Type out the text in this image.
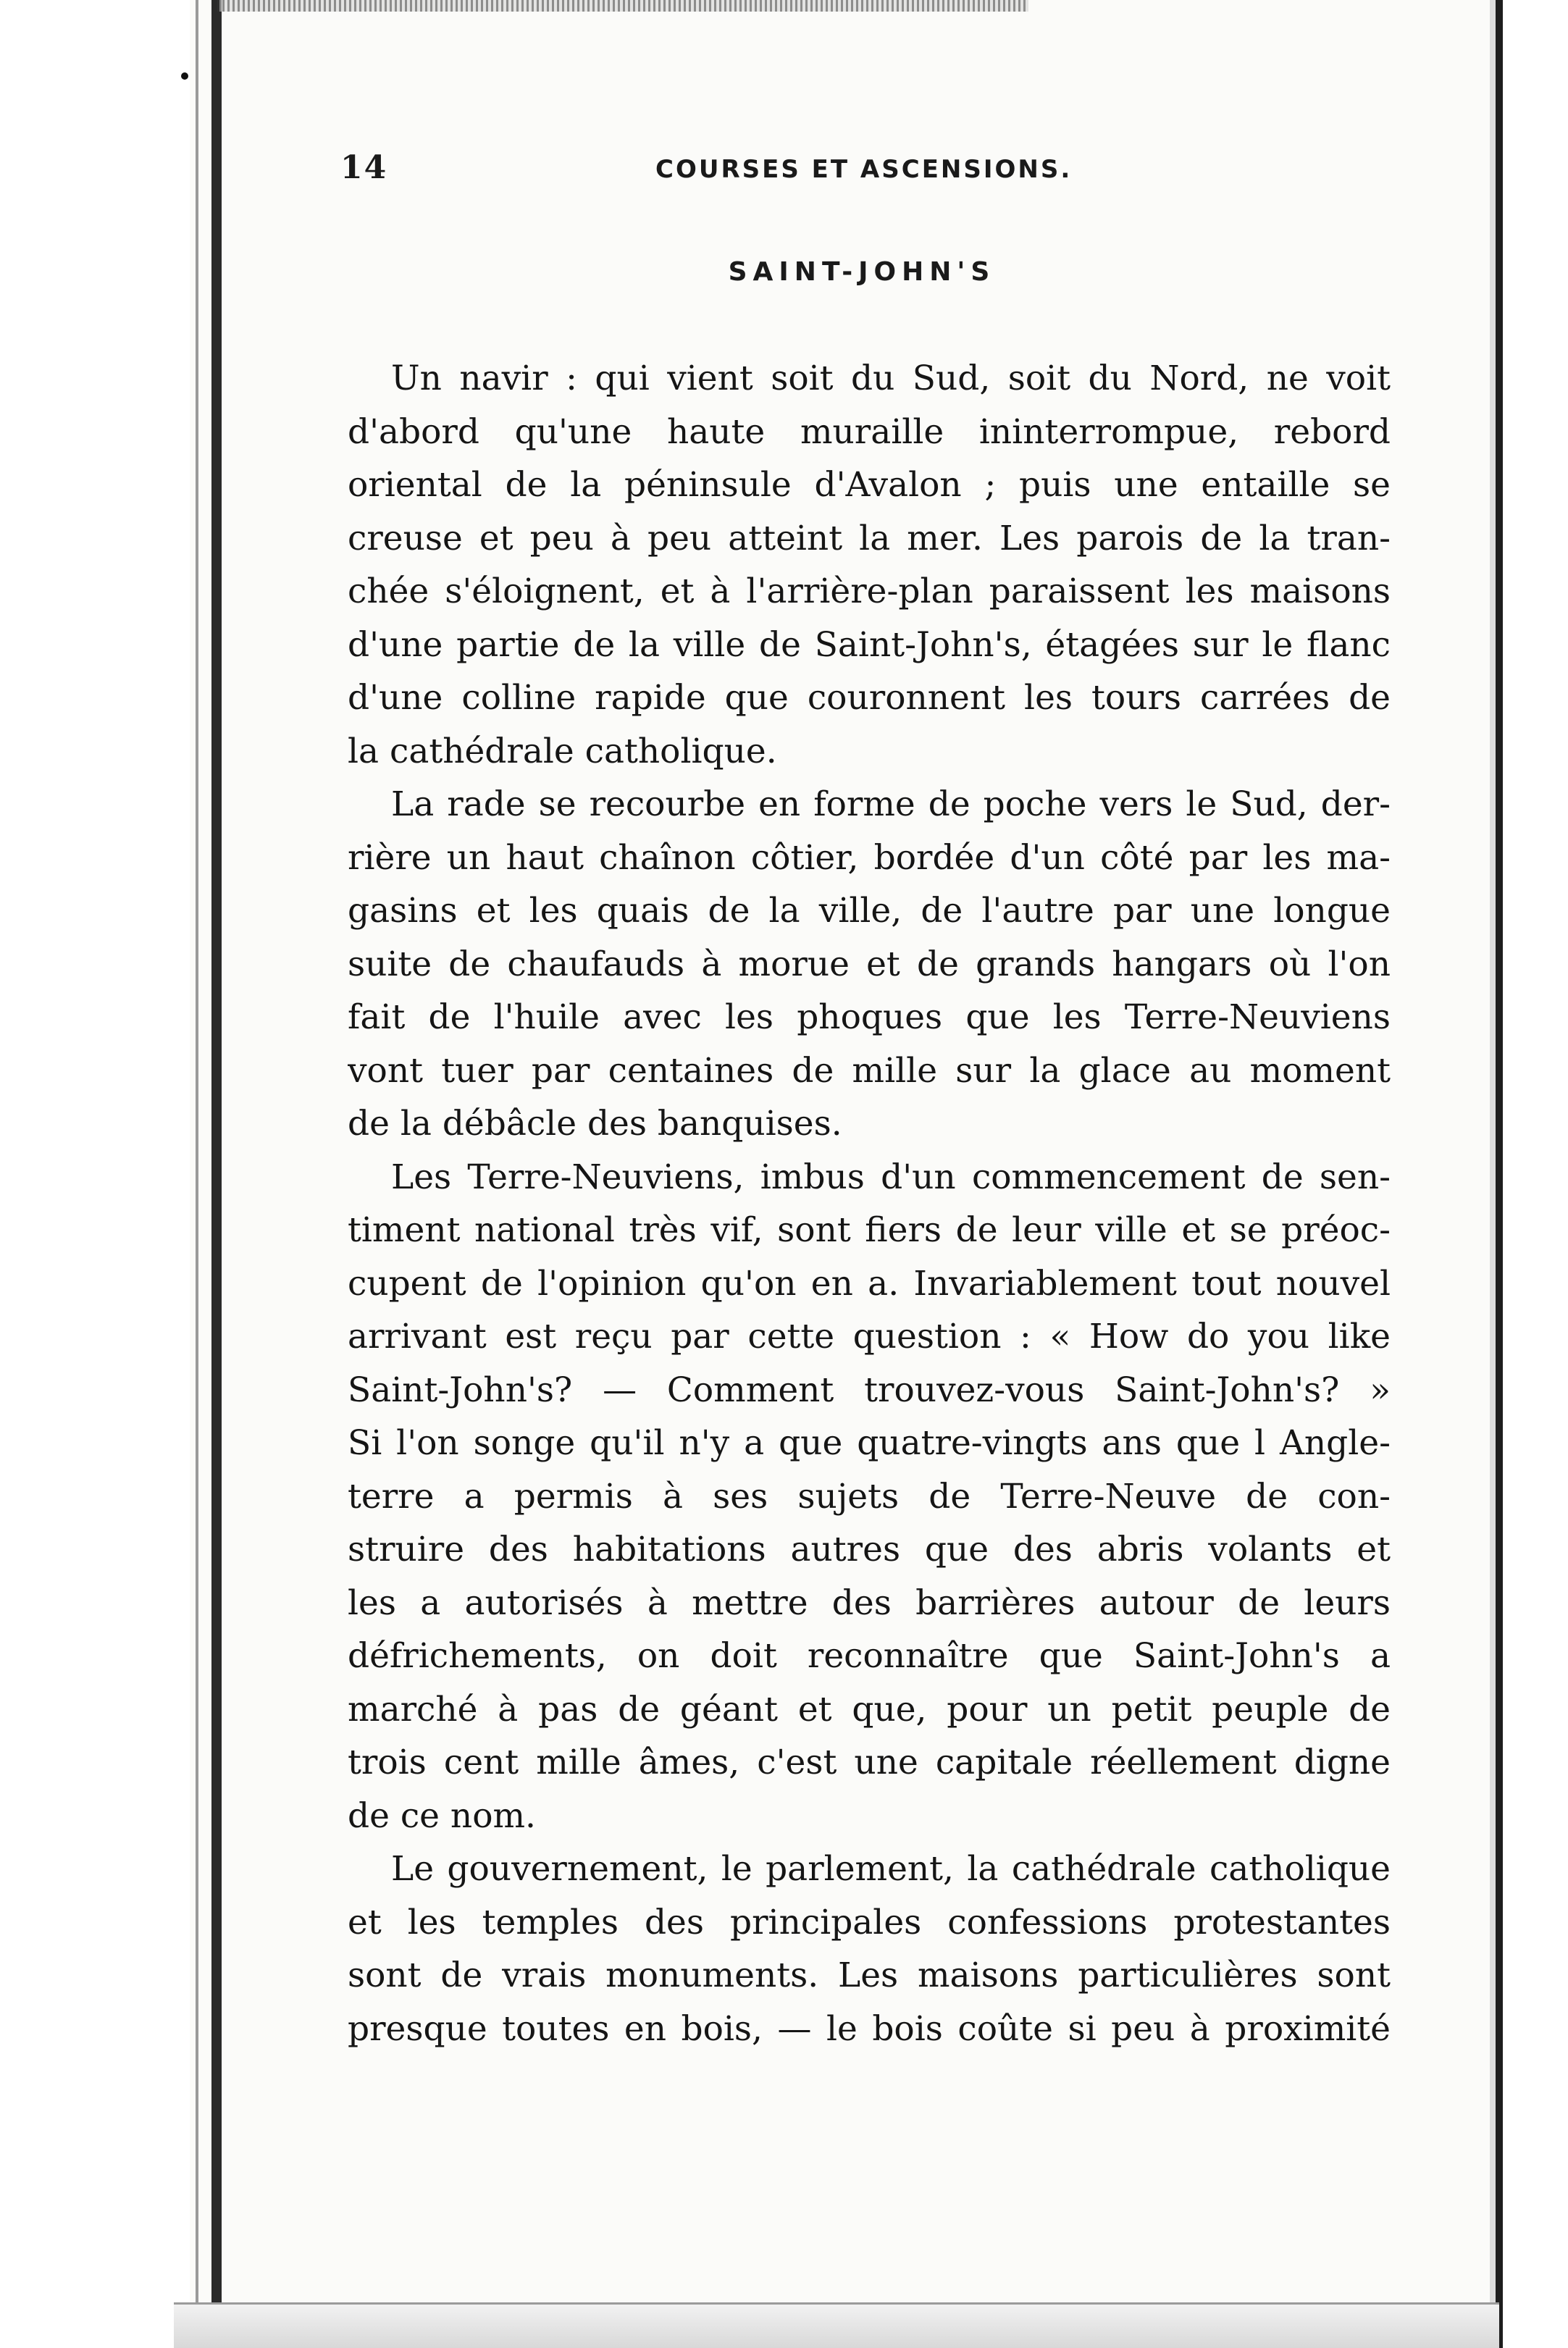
14	COURSES ET ASCENSIONS.
SAINT-JOHN'S
Un navir : qui vient soit du Sud, soit du Nord, ne voit
d'abord qu'une haute muraille ininterrompue, rebord
oriental de la péninsule d'Avalon ; puis une entaille se
creuse et peu à peu atteint la mer. Les parois de la tran-
chée s'éloignent, et à l'arrière-plan paraissent les maisons
d'une partie de la ville de Saint-John's, étagées sur le flanc
d'une colline rapide que couronnent les tours carrées de
la cathédrale catholique.
La rade se recourbe en forme de poche vers le Sud, der-
rière un haut chaînon côtier, bordée d'un côté par les ma-
gasins et les quais de la ville, de l'autre par une longue
suite de chaufauds à morue et de grands hangars où l'on
fait de l'huile avec les phoques que les Terre-Neuviens
vont tuer par centaines de mille sur la glace au moment
de la débâcle des banquises.
Les Terre-Neuviens, imbus d'un commencement de sen-
timent national très vif, sont fiers de leur ville et se préoc-
cupent de l'opinion qu'on en a. Invariablement tout nouvel
arrivant est reçu par cette question : « How do you like
Saint-John's? — Comment trouvez-vous Saint-John's? »
Si l'on songe qu'il n'y a que quatre-vingts ans que l Angle-
terre a permis à ses sujets de Terre-Neuve de con-
struire des habitations autres que des abris volants et
les a autorisés à mettre des barrières autour de leurs
défrichements, on doit reconnaître que Saint-John's a
marché à pas de géant et que, pour un petit peuple de
trois cent mille âmes, c'est une capitale réellement digne
de ce nom.
Le gouvernement, le parlement, la cathédrale catholique
et les temples des principales confessions protestantes
sont de vrais monuments. Les maisons particulières sont
presque toutes en bois, — le bois coûte si peu à proximité
